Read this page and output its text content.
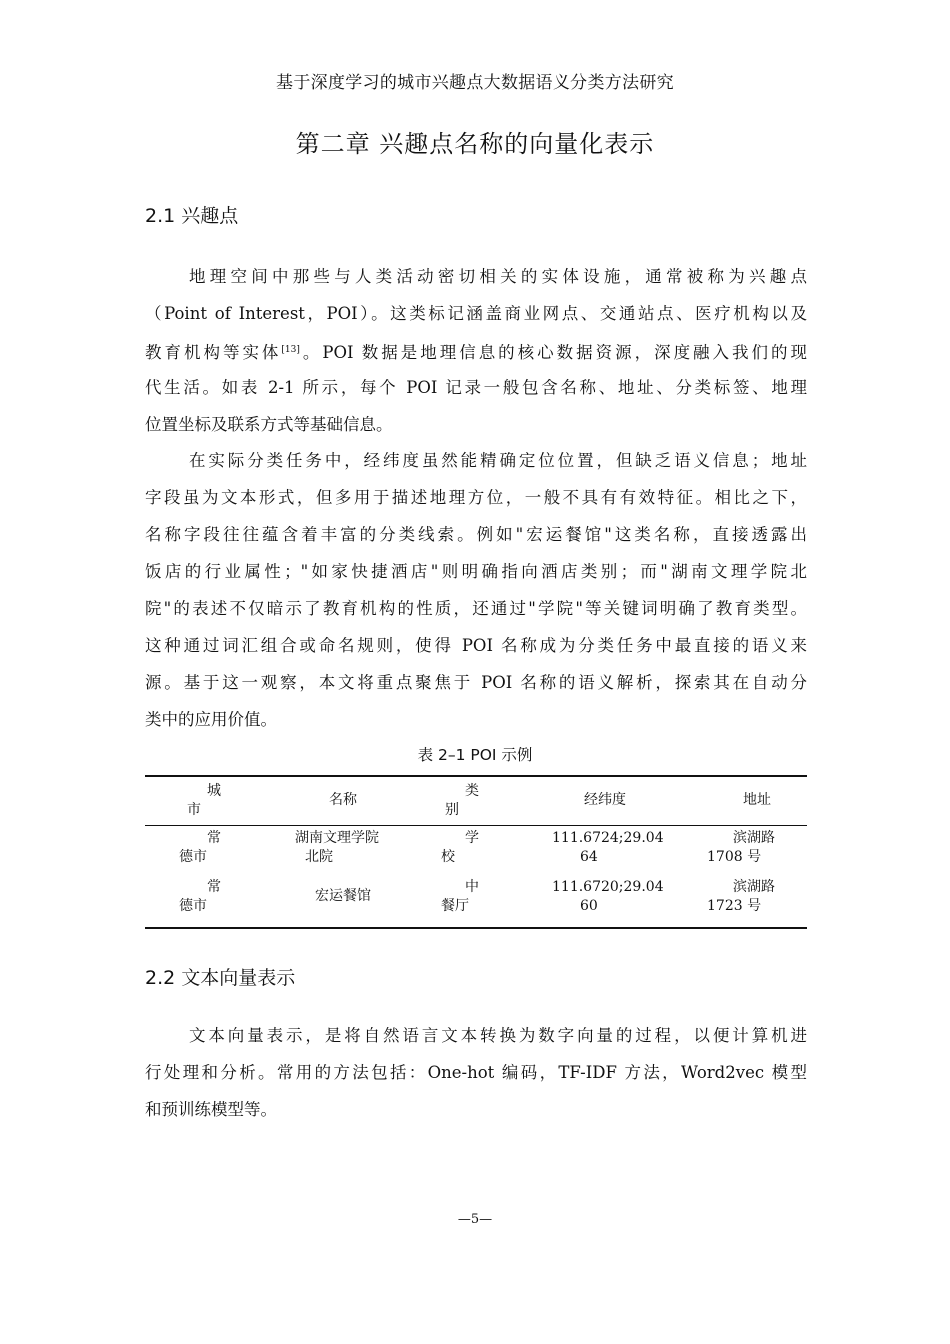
基于深度学习的城市兴趣点大数据语义分类方法研究
第二章 兴趣点名称的向量化表示
2.1 兴趣点
地理空间中那些与人类活动密切相关的实体设施，通常被称为兴趣点
（Point of Interest，POI）。这类标记涵盖商业网点、交通站点、医疗机构以及
教育机构等实体[13]。POI 数据是地理信息的核心数据资源，深度融入我们的现
代生活。如表 2-1 所示，每个 POI 记录一般包含名称、地址、分类标签、地理
位置坐标及联系方式等基础信息。
在实际分类任务中，经纬度虽然能精确定位位置，但缺乏语义信息；地址
字段虽为文本形式，但多用于描述地理方位，一般不具有有效特征。相比之下，
名称字段往往蕴含着丰富的分类线索。例如"宏运餐馆"这类名称，直接透露出
饭店的行业属性；"如家快捷酒店"则明确指向酒店类别；而"湖南文理学院北
院"的表述不仅暗示了教育机构的性质，还通过"学院"等关键词明确了教育类型。
这种通过词汇组合或命名规则，使得 POI 名称成为分类任务中最直接的语义来
源。基于这一观察，本文将重点聚焦于 POI 名称的语义解析，探索其在自动分
类中的应用价值。
表 2–1 POI 示例
城
市
名称
类
别
经纬度	地址
常
德市
湖南文理学院
北院
学
校
111.6724;29.04
64
滨湖路
1708 号
常
德市
宏运餐馆
中
餐厅
111.6720;29.04
60
滨湖路
1723 号
2.2 文本向量表示
文本向量表示，是将自然语言文本转换为数字向量的过程，以便计算机进
行处理和分析。常用的方法包括：One-hot 编码，TF-IDF 方法，Word2vec 模型
和预训练模型等。
—5—
